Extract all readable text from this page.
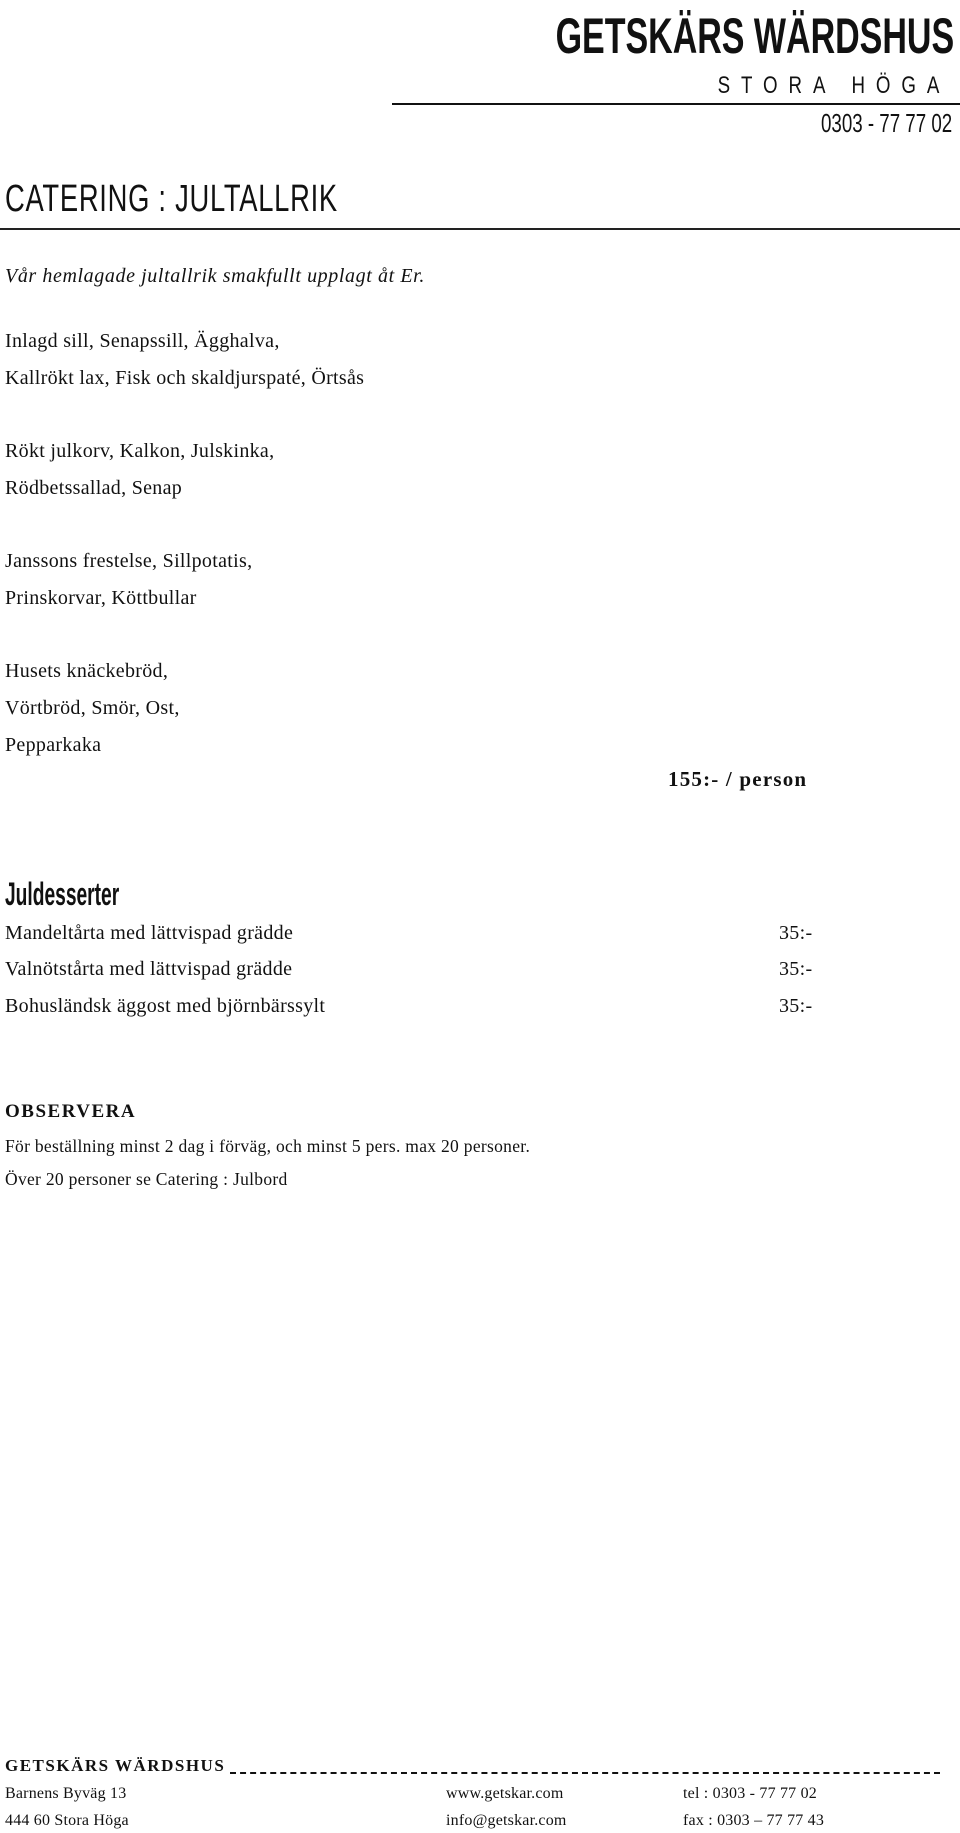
GETSKÄRS WÄRDSHUS
STORA HÖGA
0303 - 77 77 02
CATERING : JULTALLRIK
Vår hemlagade jultallrik smakfullt upplagt åt Er.
Inlagd sill, Senapssill, Ägghalva,
Kallrökt lax, Fisk och skaldjurspaté, Örtsås
Rökt julkorv, Kalkon, Julskinka,
Rödbetssallad, Senap
Janssons frestelse, Sillpotatis,
Prinskorvar, Köttbullar
Husets knäckebröd,
Vörtbröd, Smör, Ost,
Pepparkaka
155:- / person
Juldesserter
Mandeltårta med lättvispad grädde	35:-
Valnötstårta med lättvispad grädde	35:-
Bohusländsk äggost med björnbärssylt	35:-
OBSERVERA
För beställning minst 2 dag i förväg, och minst 5 pers. max 20 personer.
Över 20 personer se Catering : Julbord
GETSKÄRS WÄRDSHUS
Barnens Byväg 13
444 60 Stora Höga
www.getskar.com
info@getskar.com
tel : 0303 - 77 77 02
fax : 0303 – 77 77 43
